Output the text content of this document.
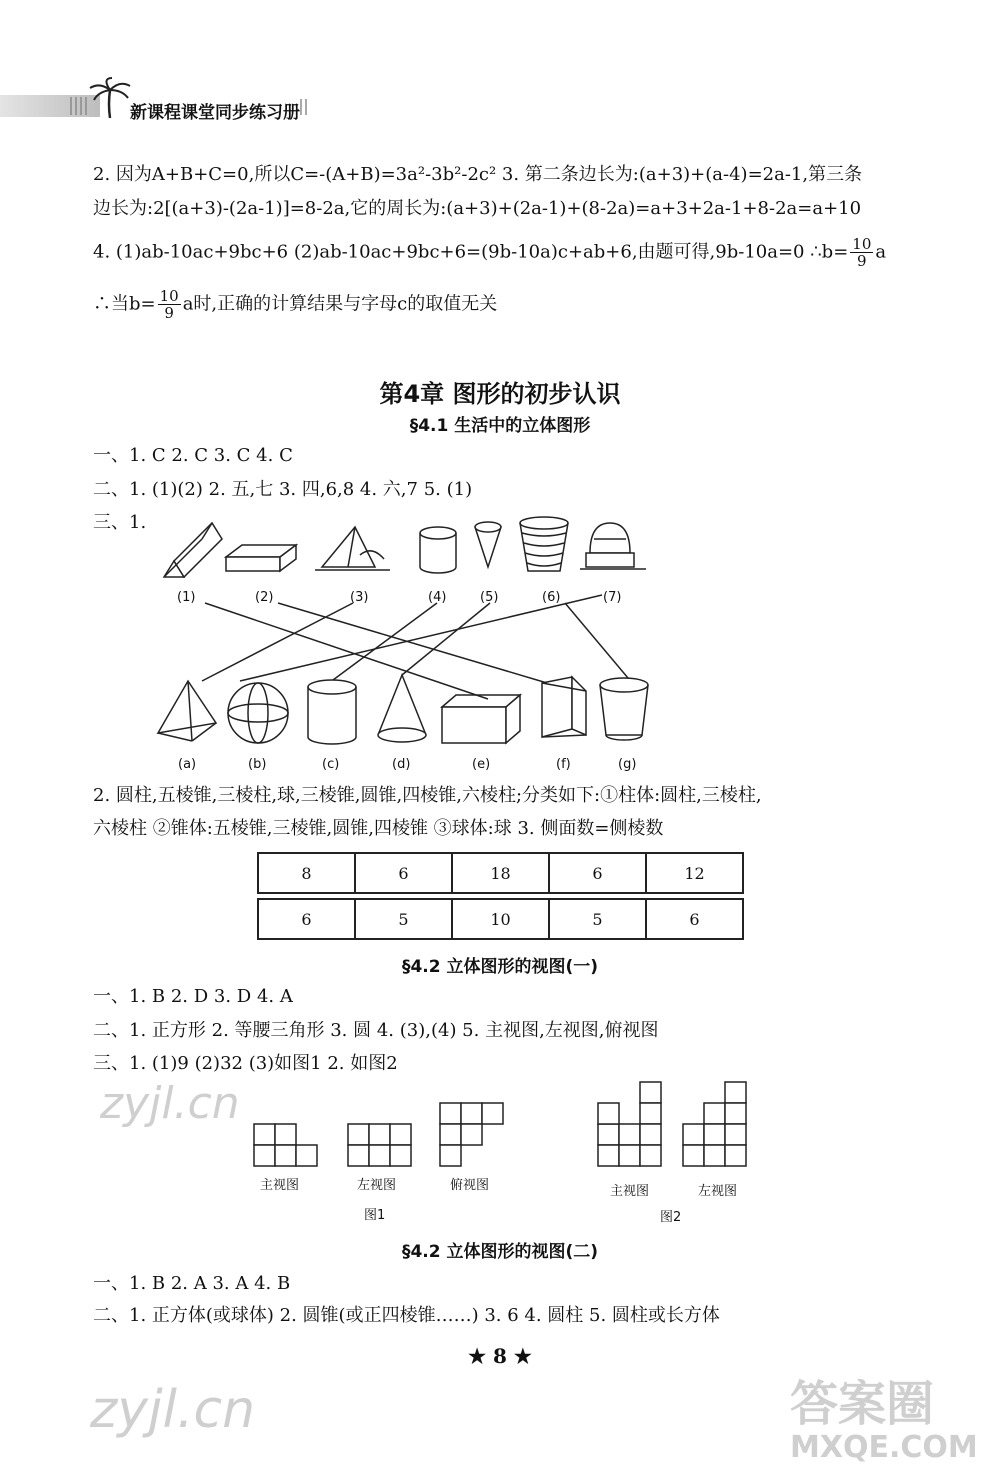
新课程课堂同步练习册
2. 因为A+B+C=0,所以C=-(A+B)=3a²-3b²-2c² 3. 第二条边长为:(a+3)+(a-4)=2a-1,第三条
边长为:2[(a+3)-(2a-1)]=8-2a,它的周长为:(a+3)+(2a-1)+(8-2a)=a+3+2a-1+8-2a=a+10
4. (1)ab-10ac+9bc+6 (2)ab-10ac+9bc+6=(9b-10a)c+ab+6,由题可得,9b-10a=0 ∴b= $\frac{10}{9}$ a
∴当$b= \frac{10}{9}$ a时,正确的计算结果与字母c的取值无关
第4章 图形的初步认识
§4.1 生活中的立体图形
一、1. C 2. C 3. C 4. C
二、1. (1)(2) 2. 五,七 3. 四,6,8 4. 六,7 5. (1)
三、1.
(1)	(2)	(3)	(4)	(5)	(6)	(7)
(a)	(b)	(c)	(d)	(e)	(f)	(g)
2. 圆柱,五棱锥,三棱柱,球,三棱锥,圆锥,四棱锥,六棱柱;分类如下:①柱体:圆柱,三棱柱,
六棱柱 ②锥体:五棱锥,三棱锥,圆锥,四棱锥 ③球体:球 3. 侧面数=侧棱数
8	6	18	6	12
6	5	10	5	6
§4.2 立体图形的视图(一)
一、1. B 2. D 3. D 4. A
二、1. 正方形 2. 等腰三角形 3. 圆 4. (3),(4) 5. 主视图,左视图,俯视图
三、1. (1)9 (2)32 (3)如图1 2. 如图2
主视图	左视图	俯视图
图1
主视图	左视图
图2
§4.2 立体图形的视图(二)
一、1. B 2. A 3. A 4. B
二、1. 正方体(或球体) 2. 圆锥(或正四棱锥……) 3. 6 4. 圆柱 5. 圆柱或长方体
★ 8 ★
zyjl.cn
zyjl.cn	答案圈
MXQE.COM
